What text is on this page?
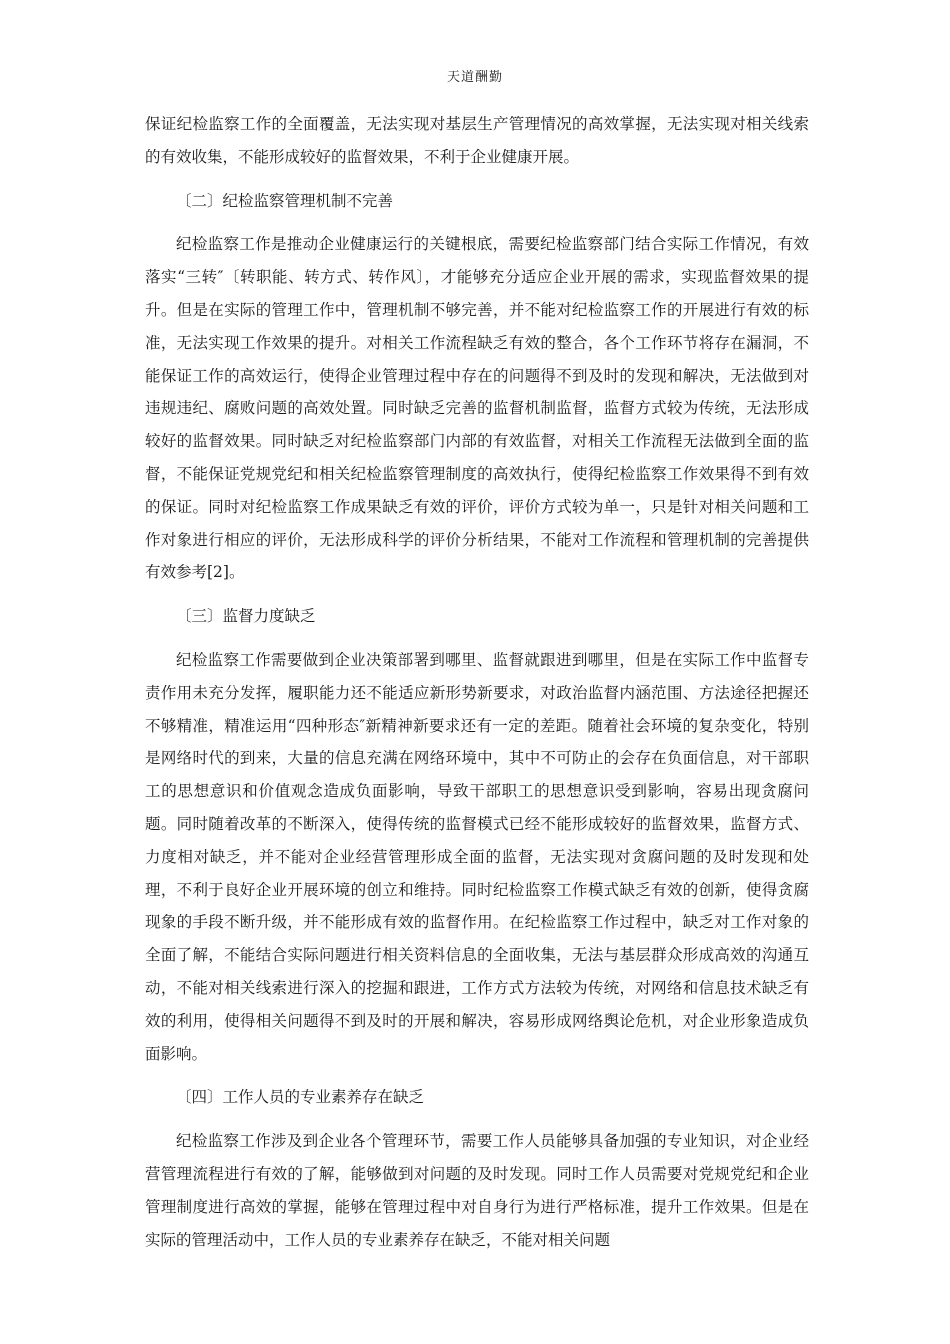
天道酬勤

保证纪检监察工作的全面覆盖，无法实现对基层生产管理情况的高效掌握，无法实现对相关线索的有效收集，不能形成较好的监督效果，不利于企业健康开展。

〔二〕纪检监察管理机制不完善

纪检监察工作是推动企业健康运行的关键根底，需要纪检监察部门结合实际工作情况，有效落实“三转″〔转职能、转方式、转作风〕，才能够充分适应企业开展的需求，实现监督效果的提升。但是在实际的管理工作中，管理机制不够完善，并不能对纪检监察工作的开展进行有效的标准，无法实现工作效果的提升。对相关工作流程缺乏有效的整合，各个工作环节将存在漏洞，不能保证工作的高效运行，使得企业管理过程中存在的问题得不到及时的发现和解决，无法做到对违规违纪、腐败问题的高效处置。同时缺乏完善的监督机制监督，监督方式较为传统，无法形成较好的监督效果。同时缺乏对纪检监察部门内部的有效监督，对相关工作流程无法做到全面的监督，不能保证党规党纪和相关纪检监察管理制度的高效执行，使得纪检监察工作效果得不到有效的保证。同时对纪检监察工作成果缺乏有效的评价，评价方式较为单一，只是针对相关问题和工作对象进行相应的评价，无法形成科学的评价分析结果，不能对工作流程和管理机制的完善提供有效参考[2]。

〔三〕监督力度缺乏

纪检监察工作需要做到企业决策部署到哪里、监督就跟进到哪里，但是在实际工作中监督专责作用未充分发挥，履职能力还不能适应新形势新要求，对政治监督内涵范围、方法途径把握还不够精准，精准运用“四种形态″新精神新要求还有一定的差距。随着社会环境的复杂变化，特别是网络时代的到来，大量的信息充满在网络环境中，其中不可防止的会存在负面信息，对干部职工的思想意识和价值观念造成负面影响，导致干部职工的思想意识受到影响，容易出现贪腐问题。同时随着改革的不断深入，使得传统的监督模式已经不能形成较好的监督效果，监督方式、力度相对缺乏，并不能对企业经营管理形成全面的监督，无法实现对贪腐问题的及时发现和处理，不利于良好企业开展环境的创立和维持。同时纪检监察工作模式缺乏有效的创新，使得贪腐现象的手段不断升级，并不能形成有效的监督作用。在纪检监察工作过程中，缺乏对工作对象的全面了解，不能结合实际问题进行相关资料信息的全面收集，无法与基层群众形成高效的沟通互动，不能对相关线索进行深入的挖掘和跟进，工作方式方法较为传统，对网络和信息技术缺乏有效的利用，使得相关问题得不到及时的开展和解决，容易形成网络舆论危机，对企业形象造成负面影响。

〔四〕工作人员的专业素养存在缺乏

纪检监察工作涉及到企业各个管理环节，需要工作人员能够具备加强的专业知识，对企业经营管理流程进行有效的了解，能够做到对问题的及时发现。同时工作人员需要对党规党纪和企业管理制度进行高效的掌握，能够在管理过程中对自身行为进行严格标准，提升工作效果。但是在实际的管理活动中，工作人员的专业素养存在缺乏，不能对相关问题
